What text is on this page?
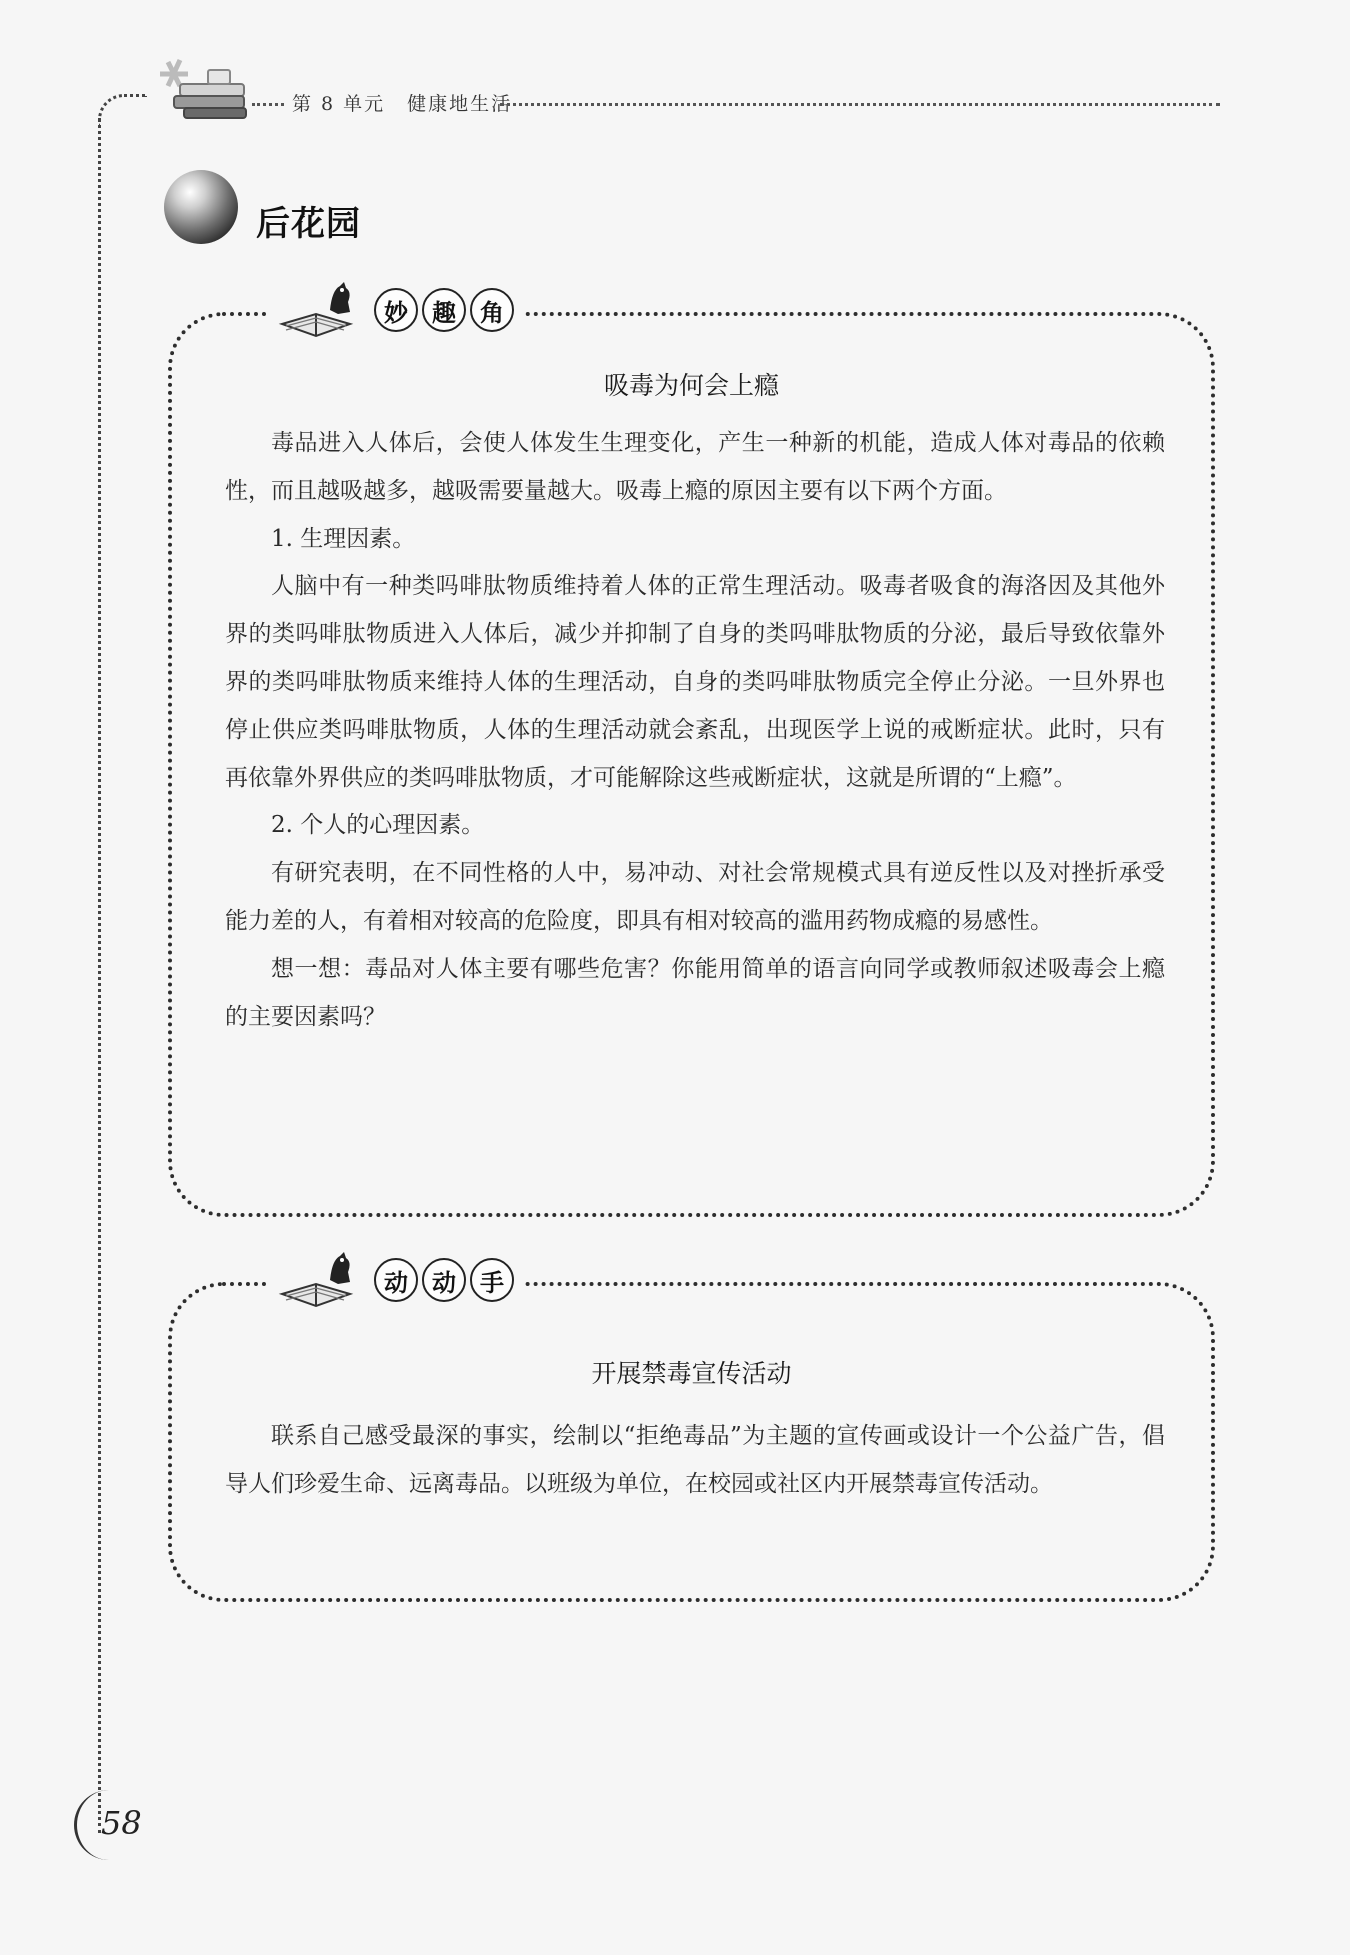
第 8 单元 健康地生活
后花园
妙	趣	角
吸毒为何会上瘾

毒品进入人体后，会使人体发生生理变化，产生一种新的机能，造成人体对毒品的依赖性，而且越吸越多，越吸需要量越大。吸毒上瘾的原因主要有以下两个方面。

1. 生理因素。

人脑中有一种类吗啡肽物质维持着人体的正常生理活动。吸毒者吸食的海洛因及其他外界的类吗啡肽物质进入人体后，减少并抑制了自身的类吗啡肽物质的分泌，最后导致依靠外界的类吗啡肽物质来维持人体的生理活动，自身的类吗啡肽物质完全停止分泌。一旦外界也停止供应类吗啡肽物质，人体的生理活动就会紊乱，出现医学上说的戒断症状。此时，只有再依靠外界供应的类吗啡肽物质，才可能解除这些戒断症状，这就是所谓的“上瘾”。

2. 个人的心理因素。

有研究表明，在不同性格的人中，易冲动、对社会常规模式具有逆反性以及对挫折承受能力差的人，有着相对较高的危险度，即具有相对较高的滥用药物成瘾的易感性。

想一想：毒品对人体主要有哪些危害？你能用简单的语言向同学或教师叙述吸毒会上瘾的主要因素吗？

动	动	手
开展禁毒宣传活动

联系自己感受最深的事实，绘制以“拒绝毒品”为主题的宣传画或设计一个公益广告，倡导人们珍爱生命、远离毒品。以班级为单位，在校园或社区内开展禁毒宣传活动。

58
